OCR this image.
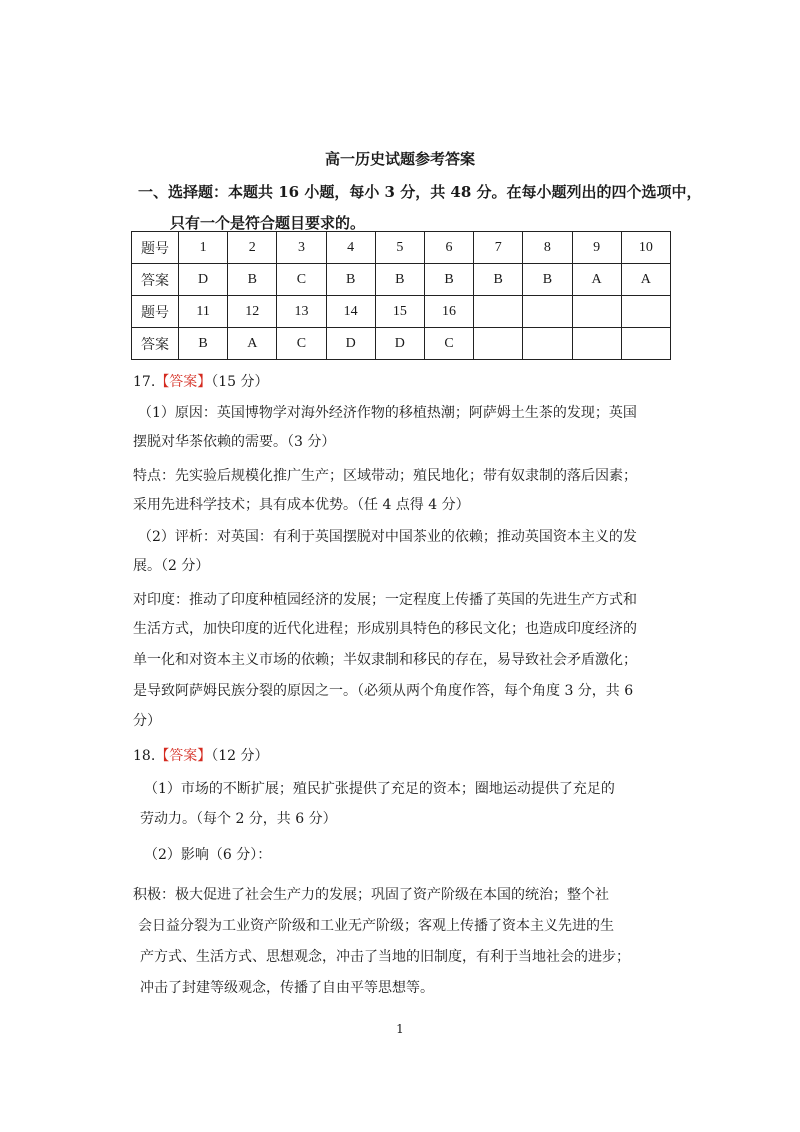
高一历史试题参考答案
一、选择题：本题共 16 小题，每小 3 分，共 48 分。在每小题列出的四个选项中，
只有一个是符合题目要求的。
题号	1	2	3	4	5	6	7	8	9	10
答案	D	B	C	B	B	B	B	B	A	A
题号	11	12	13	14	15	16				
答案	B	A	C	D	D	C				
17.【答案】（15 分）
（1）原因：英国博物学对海外经济作物的移植热潮；阿萨姆土生茶的发现；英国
摆脱对华茶依赖的需要。（3 分）
特点：先实验后规模化推广生产；区域带动；殖民地化；带有奴隶制的落后因素；
采用先进科学技术；具有成本优势。（任 4 点得 4 分）
（2）评析：对英国：有利于英国摆脱对中国茶业的依赖；推动英国资本主义的发
展。（2 分）
对印度：推动了印度种植园经济的发展；一定程度上传播了英国的先进生产方式和
生活方式，加快印度的近代化进程；形成别具特色的移民文化；也造成印度经济的
单一化和对资本主义市场的依赖；半奴隶制和移民的存在，易导致社会矛盾激化；
是导致阿萨姆民族分裂的原因之一。（必须从两个角度作答，每个角度 3 分，共 6
分）
18.【答案】（12 分）
（1）市场的不断扩展；殖民扩张提供了充足的资本；圈地运动提供了充足的
劳动力。（每个 2 分，共 6 分）
（2）影响（6 分）：
积极：极大促进了社会生产力的发展；巩固了资产阶级在本国的统治；整个社
会日益分裂为工业资产阶级和工业无产阶级；客观上传播了资本主义先进的生
产方式、生活方式、思想观念，冲击了当地的旧制度，有利于当地社会的进步；
冲击了封建等级观念，传播了自由平等思想等。
1
